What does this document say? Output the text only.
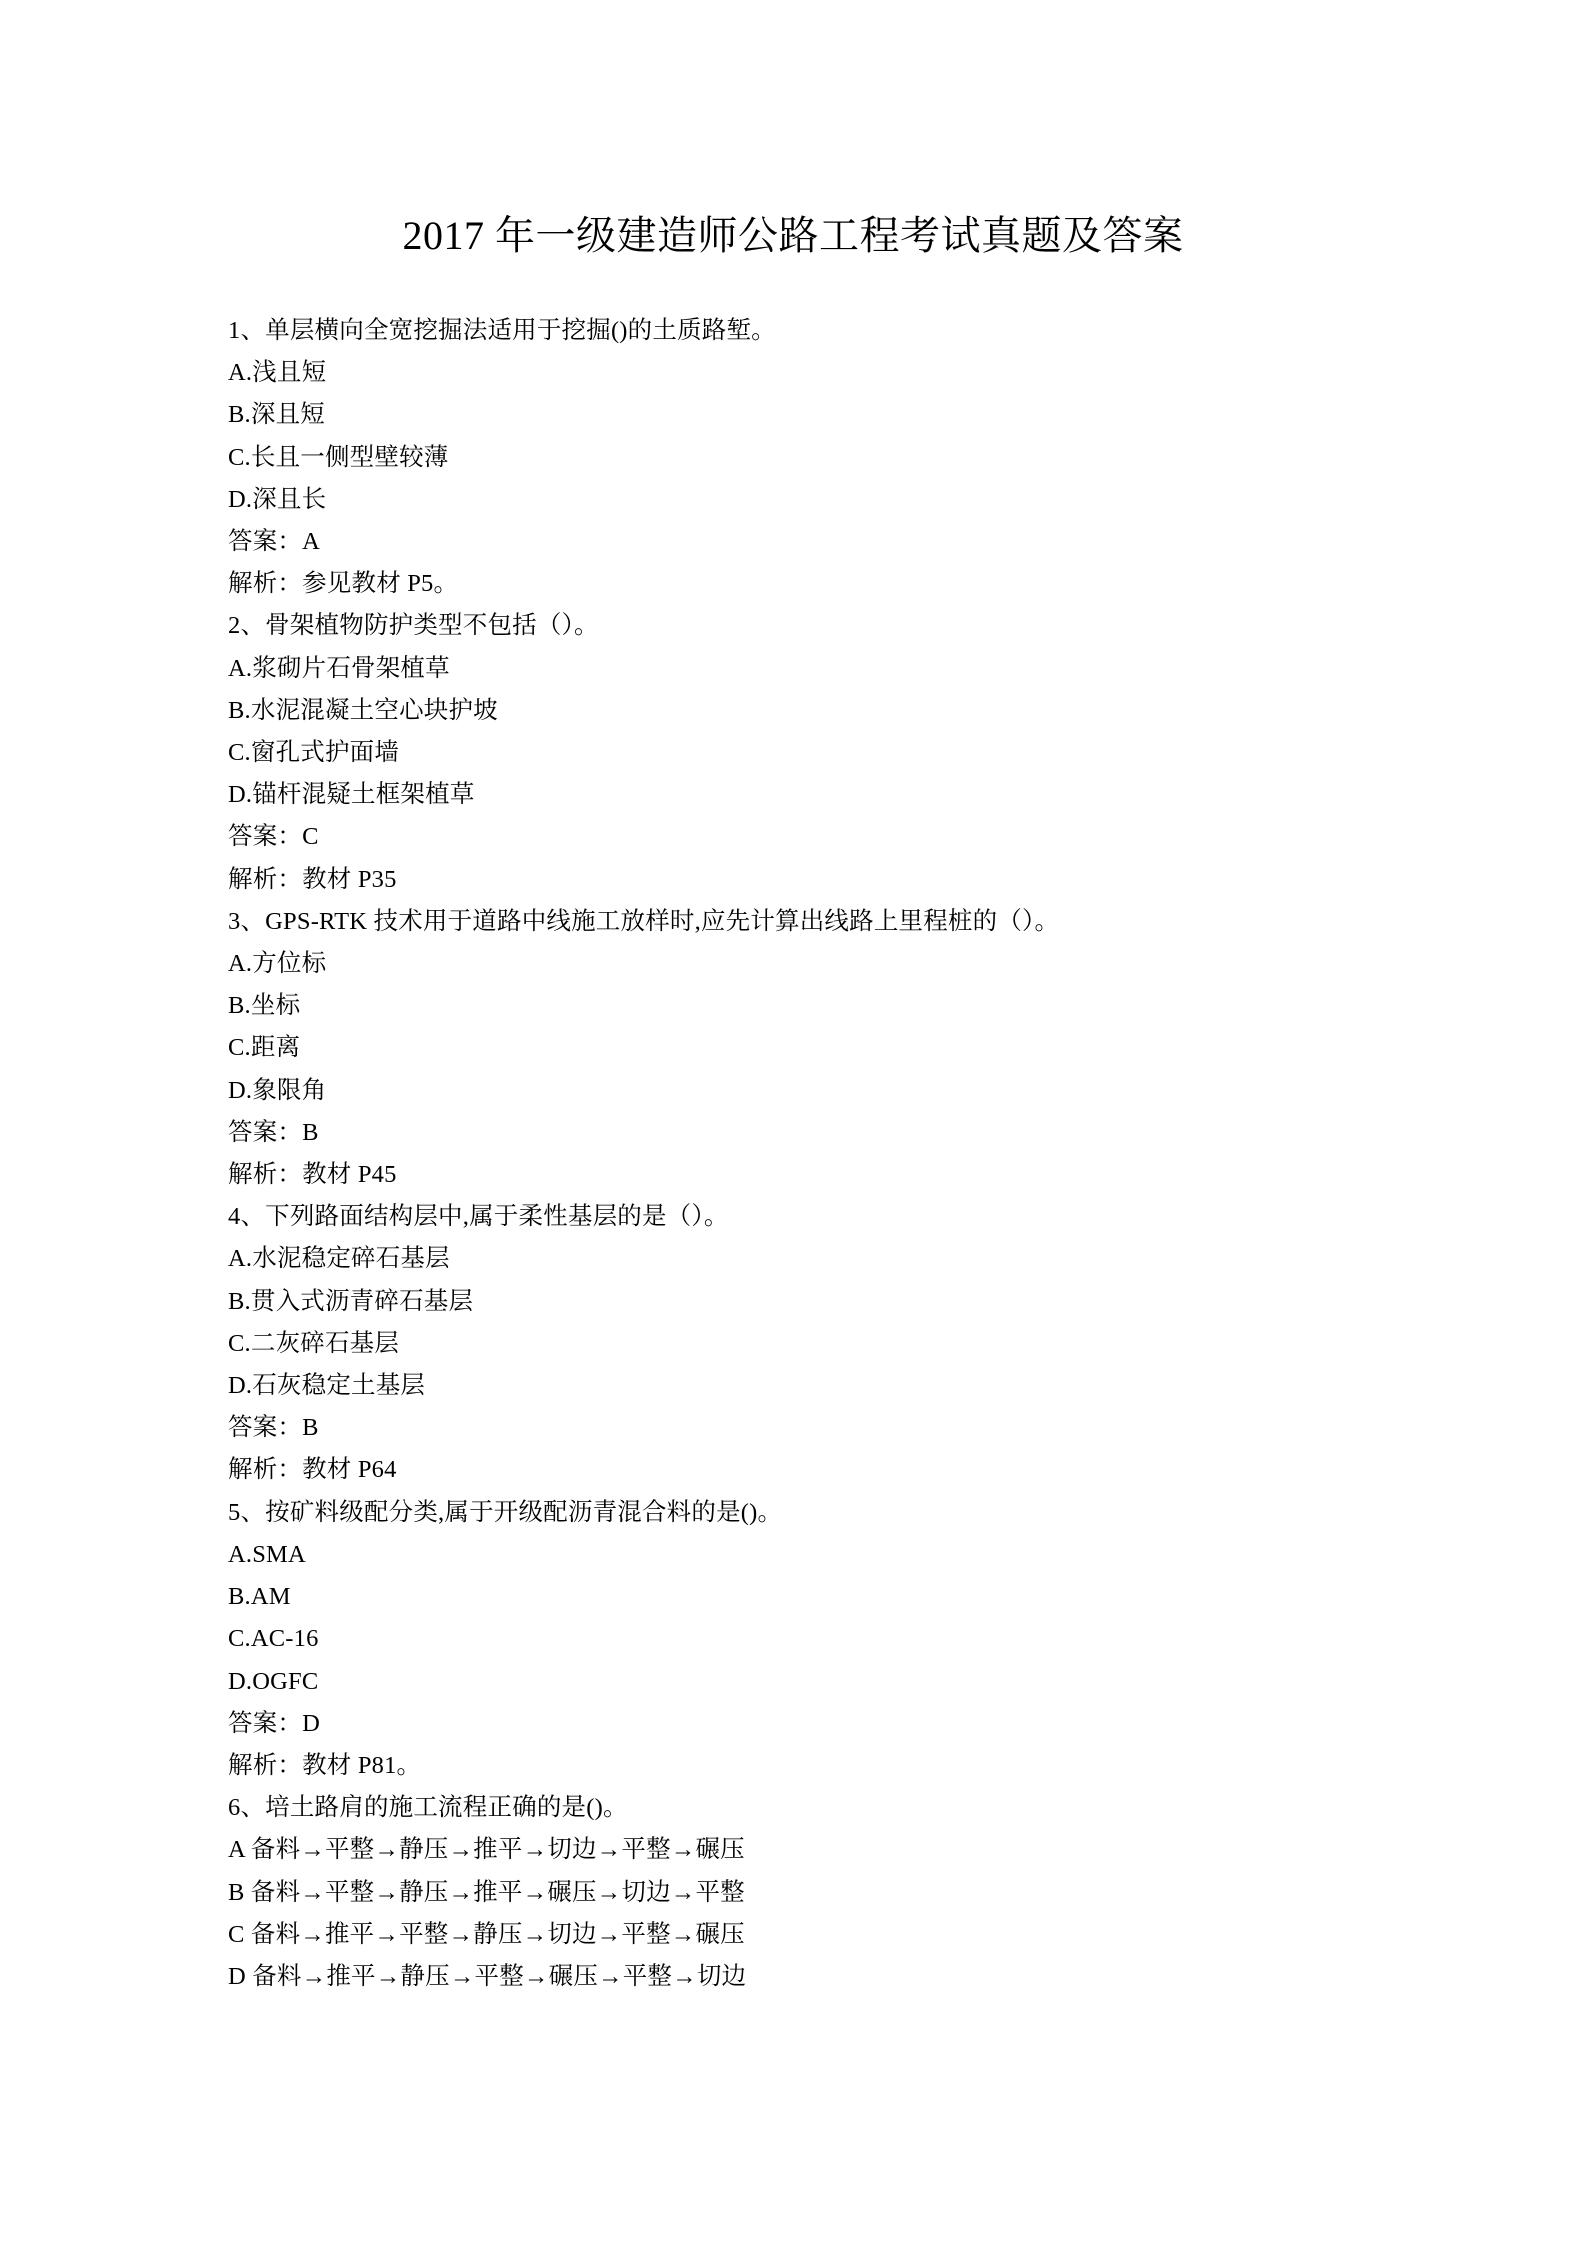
2017 年一级建造师公路工程考试真题及答案
1、单层横向全宽挖掘法适用于挖掘()的土质路堑。
A.浅且短
B.深且短
C.长且一侧型壁较薄
D.深且长
答案：A
解析：参见教材 P5。
2、骨架植物防护类型不包括（）。
A.浆砌片石骨架植草
B.水泥混凝土空心块护坡
C.窗孔式护面墙
D.锚杆混疑土框架植草
答案：C
解析：教材 P35
3、GPS-RTK 技术用于道路中线施工放样时,应先计算出线路上里程桩的（）。
A.方位标
B.坐标
C.距离
D.象限角
答案：B
解析：教材 P45
4、下列路面结构层中,属于柔性基层的是（）。
A.水泥稳定碎石基层
B.贯入式沥青碎石基层
C.二灰碎石基层
D.石灰稳定土基层
答案：B
解析：教材 P64
5、按矿料级配分类,属于开级配沥青混合料的是()。
A.SMA
B.AM
C.AC-16
D.OGFC
答案：D
解析：教材 P81。
6、培土路肩的施工流程正确的是()。
A 备料→平整→静压→推平→切边→平整→碾压
B 备料→平整→静压→推平→碾压→切边→平整
C 备料→推平→平整→静压→切边→平整→碾压
D 备料→推平→静压→平整→碾压→平整→切边
